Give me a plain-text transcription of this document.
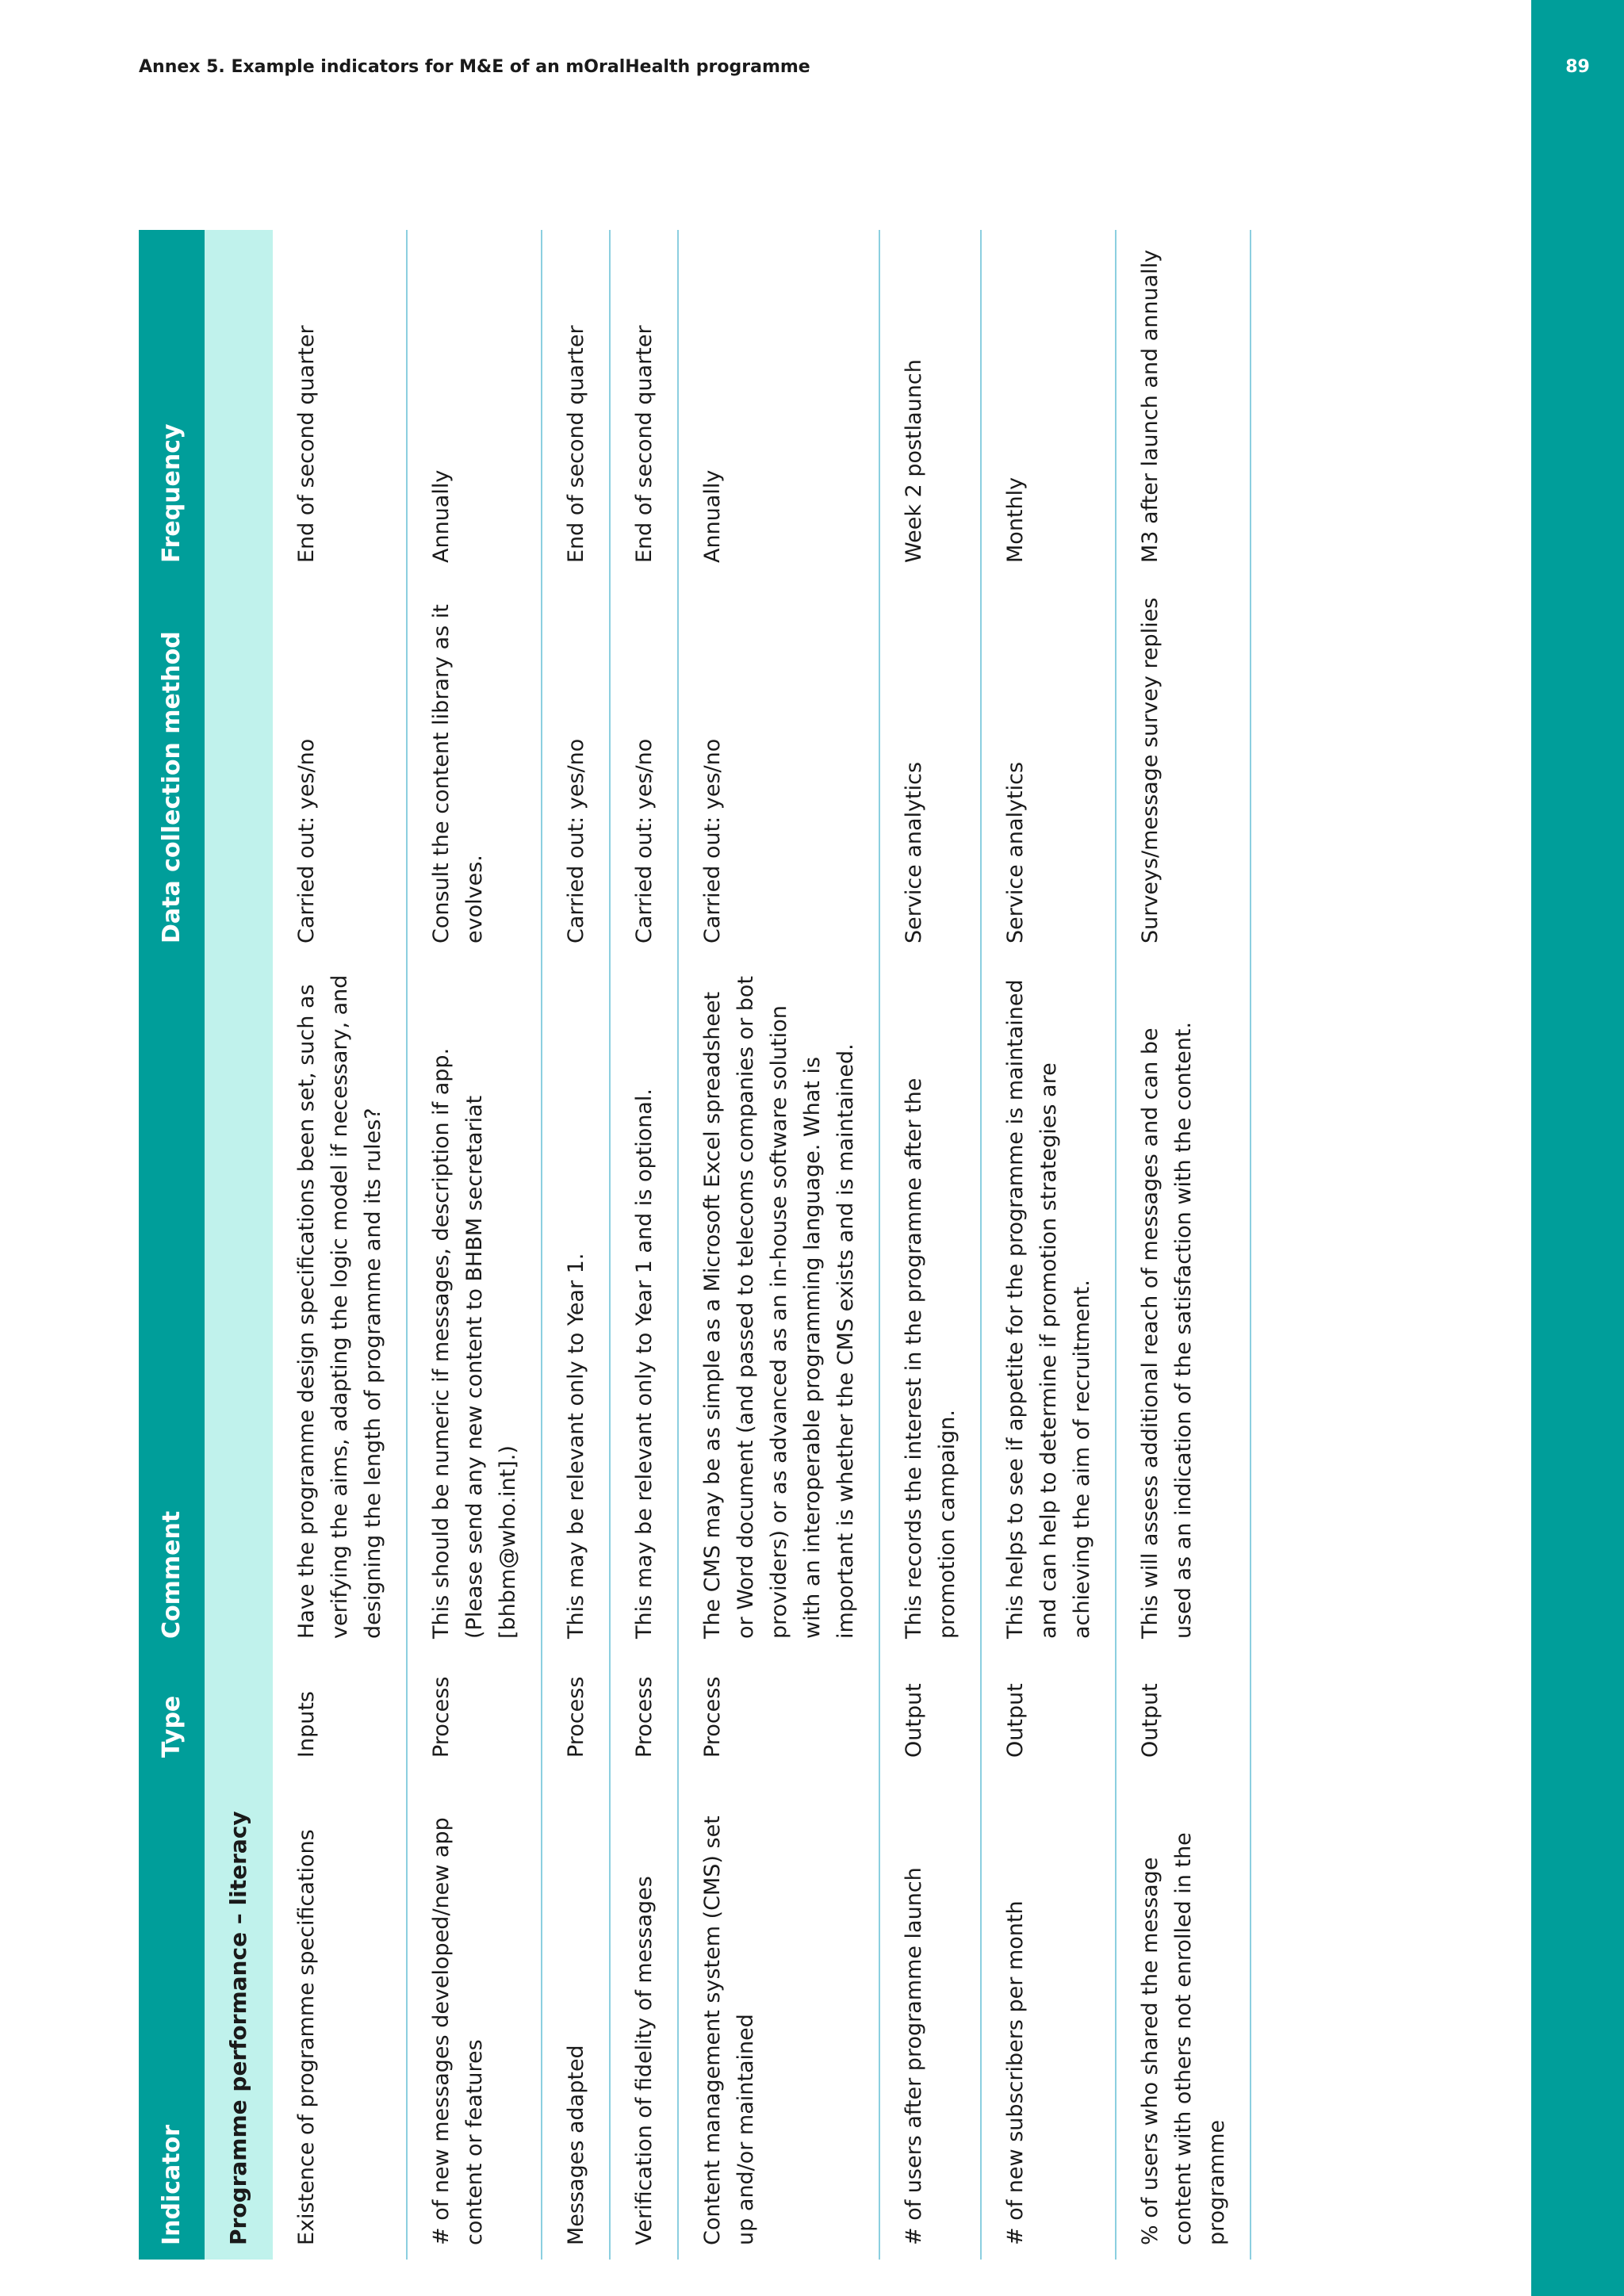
89
Annex 5. Example indicators for M&E of an mOralHealth programme
Indicator	Type	Comment	Data collection method	Frequency
Programme performance – literacy				
Existence of programme specifications	Inputs	Have the programme design specifications been set, such as verifying the aims, adapting the logic model if necessary, and designing the length of programme and its rules?	Carried out: yes/no	End of second quarter
# of new messages developed/new app content or features	Process	This should be numeric if messages, description if app. (Please send any new content to BHBM secretariat [bhbm@who.int].)	Consult the content library as it evolves.	Annually
Messages adapted	Process	This may be relevant only to Year 1.	Carried out: yes/no	End of second quarter
Verification of fidelity of messages	Process	This may be relevant only to Year 1 and is optional.	Carried out: yes/no	End of second quarter
Content management system (CMS) set up and/or maintained	Process	The CMS may be as simple as a Microsoft Excel spreadsheet or Word document (and passed to telecoms companies or bot providers) or as advanced as an in-house software solution with an interoperable programming language. What is important is whether the CMS exists and is maintained.	Carried out: yes/no	Annually
# of users after programme launch	Output	This records the interest in the programme after the promotion campaign.	Service analytics	Week 2 postlaunch
# of new subscribers per month	Output	This helps to see if appetite for the programme is maintained and can help to determine if promotion strategies are achieving the aim of recruitment.	Service analytics	Monthly
% of users who shared the message content with others not enrolled in the programme	Output	This will assess additional reach of messages and can be used as an indication of the satisfaction with the content.	Surveys/message survey replies	M3 after launch and annually
